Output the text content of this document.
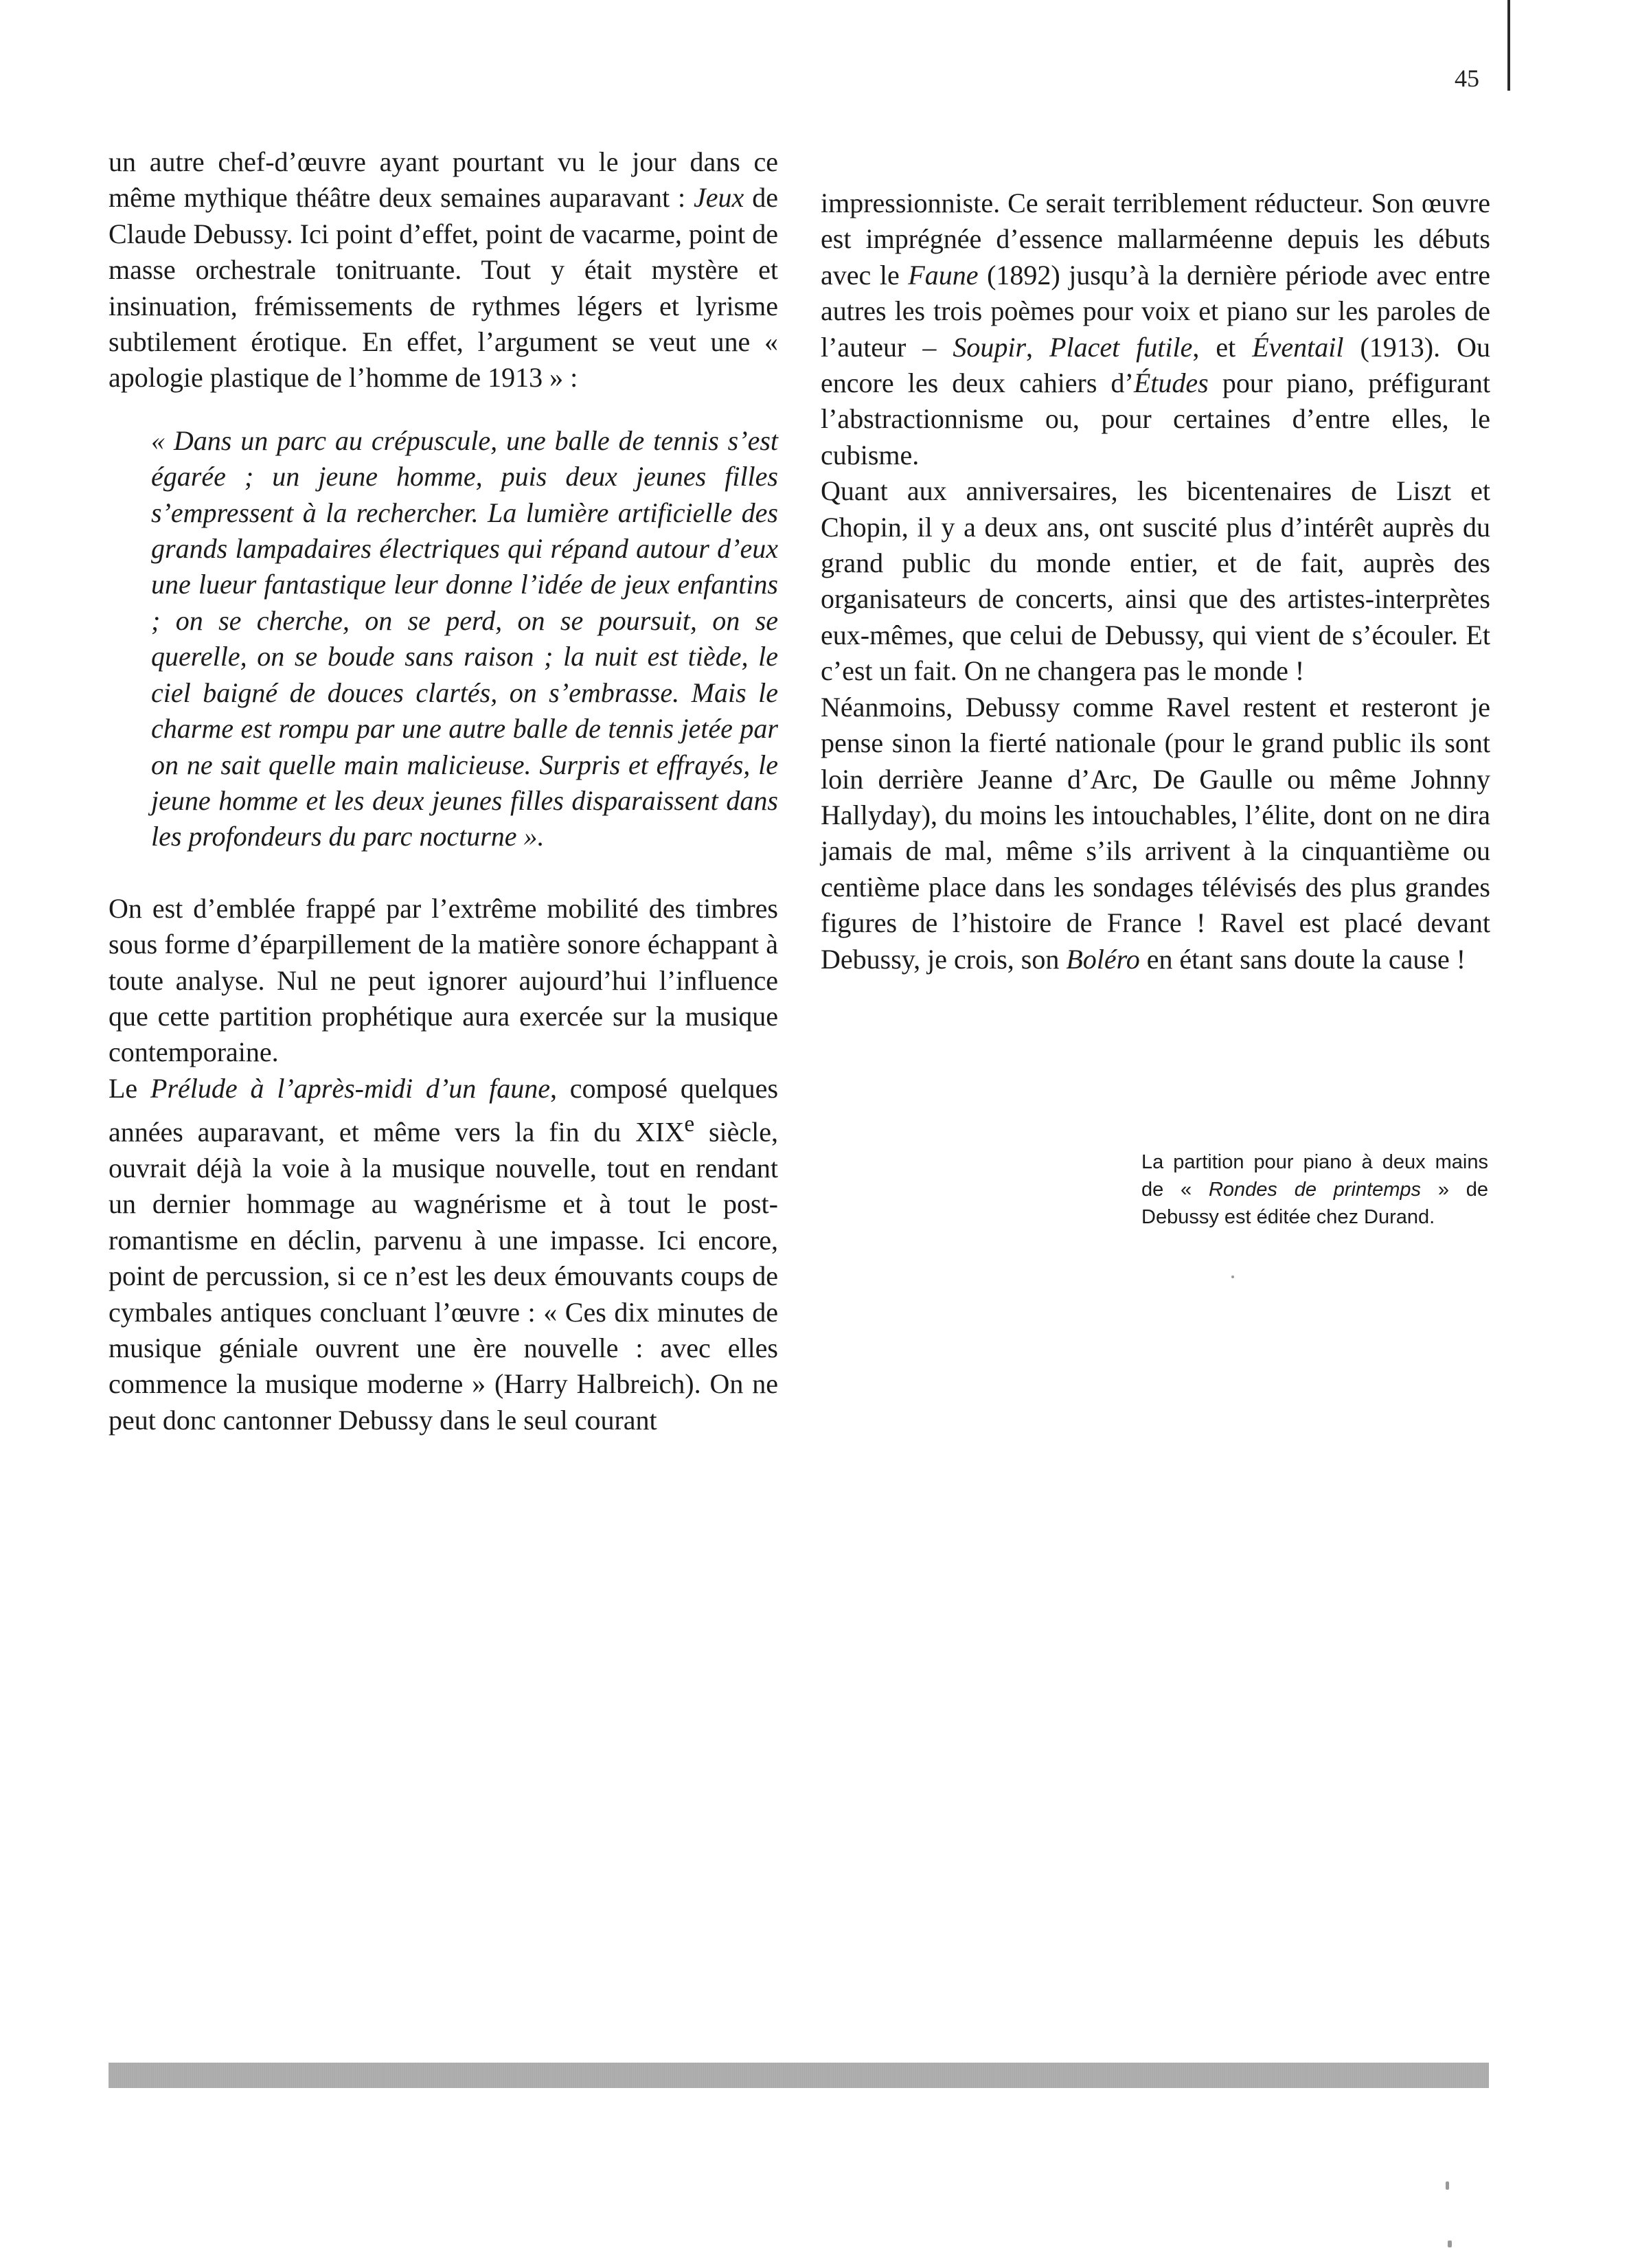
45

un autre chef-d’œuvre ayant pourtant vu le jour dans ce même mythique théâtre deux semaines auparavant : Jeux de Claude Debussy. Ici point d’effet, point de vacarme, point de masse orchestrale tonitruante. Tout y était mystère et insinuation, frémissements de rythmes légers et lyrisme subtilement érotique. En effet, l’argument se veut une « apologie plastique de l’homme de 1913 » :

« Dans un parc au crépuscule, une balle de tennis s’est égarée ; un jeune homme, puis deux jeunes filles s’empressent à la rechercher. La lumière artificielle des grands lampadaires électriques qui répand autour d’eux une lueur fantastique leur donne l’idée de jeux enfantins ; on se cherche, on se perd, on se poursuit, on se querelle, on se boude sans raison ; la nuit est tiède, le ciel baigné de douces clartés, on s’embrasse. Mais le charme est rompu par une autre balle de tennis jetée par on ne sait quelle main malicieuse. Surpris et effrayés, le jeune homme et les deux jeunes filles disparaissent dans les profondeurs du parc nocturne ».

On est d’emblée frappé par l’extrême mobilité des timbres sous forme d’éparpillement de la matière sonore échappant à toute analyse. Nul ne peut ignorer aujourd’hui l’influence que cette partition prophétique aura exercée sur la musique contemporaine.

Le Prélude à l’après-midi d’un faune, composé quelques années auparavant, et même vers la fin du XIXe siècle, ouvrait déjà la voie à la musique nouvelle, tout en rendant un dernier hommage au wagnérisme et à tout le post-romantisme en déclin, parvenu à une impasse. Ici encore, point de percussion, si ce n’est les deux émouvants coups de cymbales antiques concluant l’œuvre : « Ces dix minutes de musique géniale ouvrent une ère nouvelle : avec elles commence la musique moderne » (Harry Halbreich). On ne peut donc cantonner Debussy dans le seul courant

impressionniste. Ce serait terriblement réducteur. Son œuvre est imprégnée d’essence mallarméenne depuis les débuts avec le Faune (1892) jusqu’à la dernière période avec entre autres les trois poèmes pour voix et piano sur les paroles de l’auteur – Soupir, Placet futile, et Éventail (1913). Ou encore les deux cahiers d’Études pour piano, préfigurant l’abstractionnisme ou, pour certaines d’entre elles, le cubisme.

Quant aux anniversaires, les bicentenaires de Liszt et Chopin, il y a deux ans, ont suscité plus d’intérêt auprès du grand public du monde entier, et de fait, auprès des organisateurs de concerts, ainsi que des artistes-interprètes eux-mêmes, que celui de Debussy, qui vient de s’écouler. Et c’est un fait. On ne changera pas le monde !

Néanmoins, Debussy comme Ravel restent et resteront je pense sinon la fierté nationale (pour le grand public ils sont loin derrière Jeanne d’Arc, De Gaulle ou même Johnny Hallyday), du moins les intouchables, l’élite, dont on ne dira jamais de mal, même s’ils arrivent à la cinquantième ou centième place dans les sondages télévisés des plus grandes figures de l’histoire de France ! Ravel est placé devant Debussy, je crois, son Boléro en étant sans doute la cause !

La partition pour piano à deux mains de « Rondes de printemps » de Debussy est éditée chez Durand.
